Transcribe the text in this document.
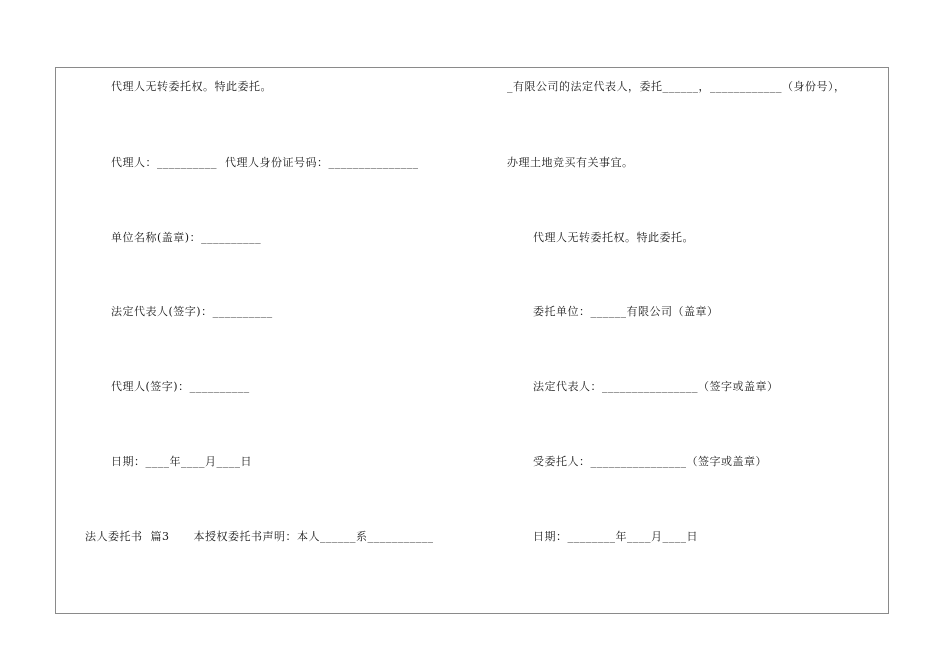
代理人无转委托权。特此委托。
代理人：__________  代理人身份证号码：_______________
单位名称(盖章)：__________
法定代表人(签字)：__________
代理人(签字)：__________
日期：____年____月____日
法人委托书  篇3      本授权委托书声明：本人______系___________
_有限公司的法定代表人，委托______，____________（身份号），
办理土地竞买有关事宜。
代理人无转委托权。特此委托。
委托单位：______有限公司（盖章）
法定代表人：________________（签字或盖章）
受委托人：________________（签字或盖章）
日期：________年____月____日
